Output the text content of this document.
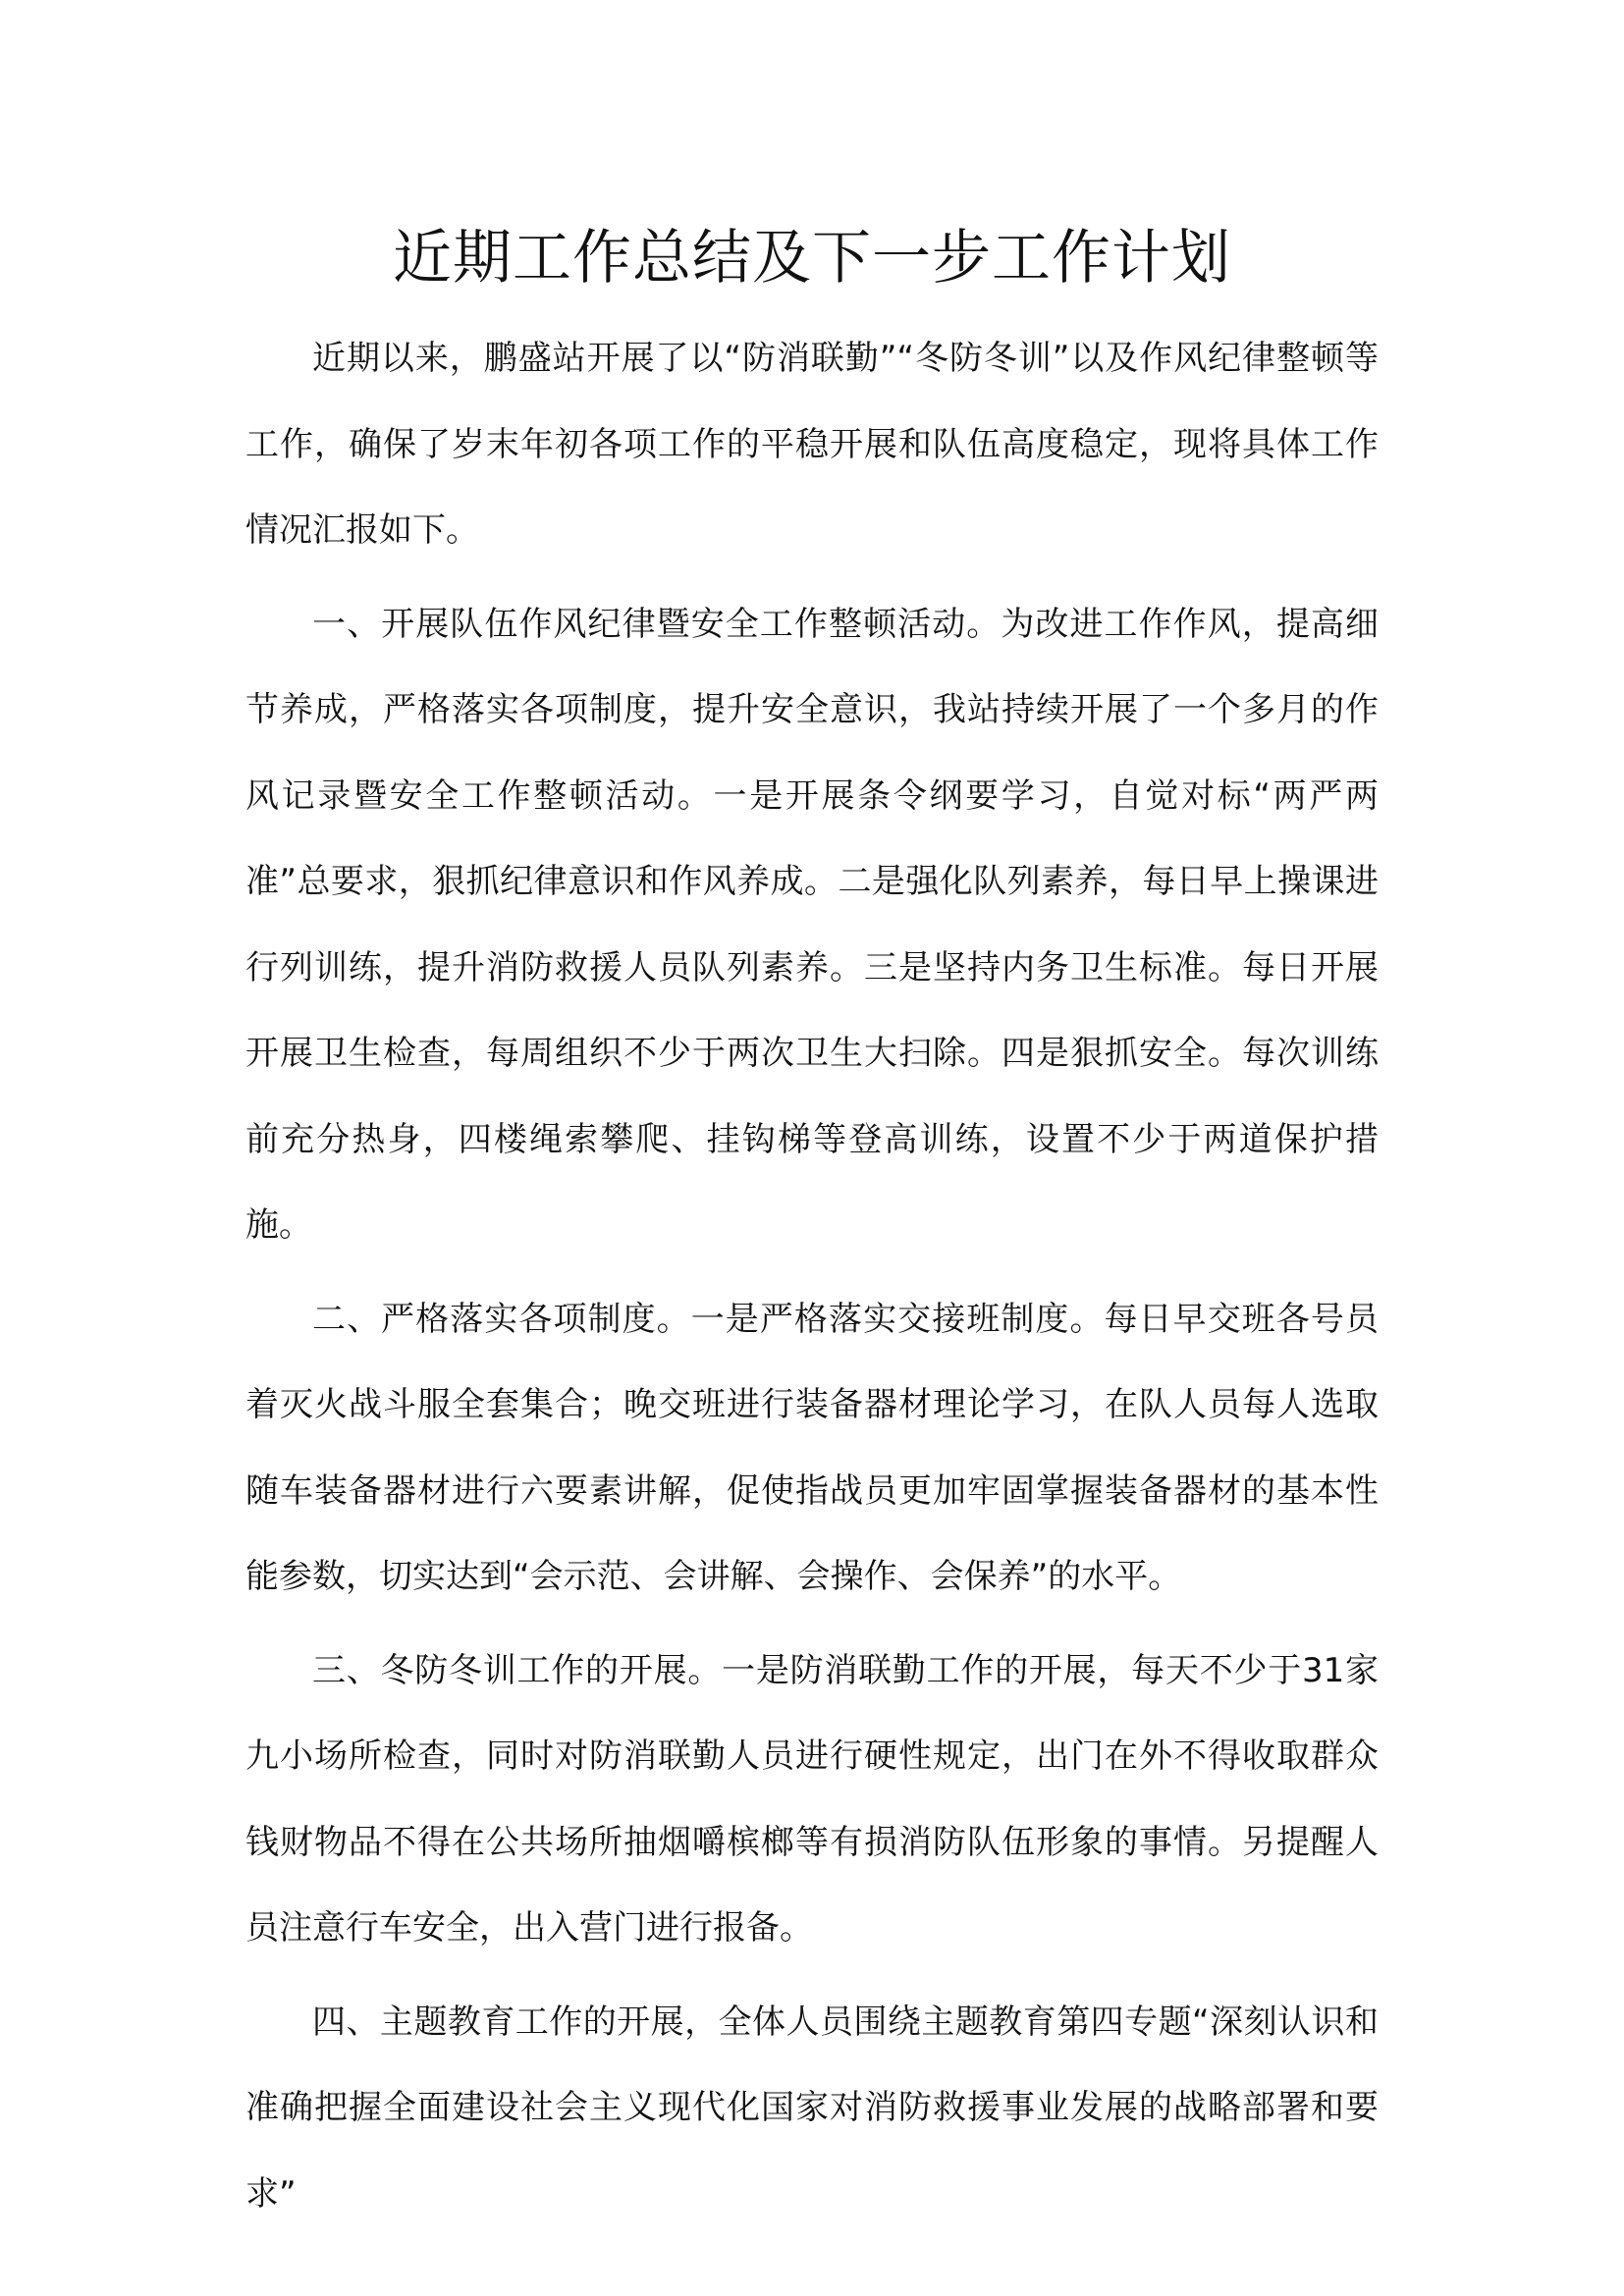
近期工作总结及下一步工作计划

近期以来，鹏盛站开展了以“防消联勤”“冬防冬训”以及作风纪律整顿等工作，确保了岁末年初各项工作的平稳开展和队伍高度稳定，现将具体工作情况汇报如下。

一、开展队伍作风纪律暨安全工作整顿活动。为改进工作作风，提高细节养成，严格落实各项制度，提升安全意识，我站持续开展了一个多月的作风记录暨安全工作整顿活动。一是开展条令纲要学习，自觉对标“两严两准”总要求，狠抓纪律意识和作风养成。二是强化队列素养，每日早上操课进行列训练，提升消防救援人员队列素养。三是坚持内务卫生标准。每日开展开展卫生检查，每周组织不少于两次卫生大扫除。四是狠抓安全。每次训练前充分热身，四楼绳索攀爬、挂钩梯等登高训练，设置不少于两道保护措施。

二、严格落实各项制度。一是严格落实交接班制度。每日早交班各号员着灭火战斗服全套集合；晚交班进行装备器材理论学习，在队人员每人选取随车装备器材进行六要素讲解，促使指战员更加牢固掌握装备器材的基本性能参数，切实达到“会示范、会讲解、会操作、会保养”的水平。

三、冬防冬训工作的开展。一是防消联勤工作的开展，每天不少于31家九小场所检查，同时对防消联勤人员进行硬性规定，出门在外不得收取群众钱财物品不得在公共场所抽烟嚼槟榔等有损消防队伍形象的事情。另提醒人员注意行车安全，出入营门进行报备。

四、主题教育工作的开展，全体人员围绕主题教育第四专题“深刻认识和准确把握全面建设社会主义现代化国家对消防救援事业发展的战略部署和要求”
